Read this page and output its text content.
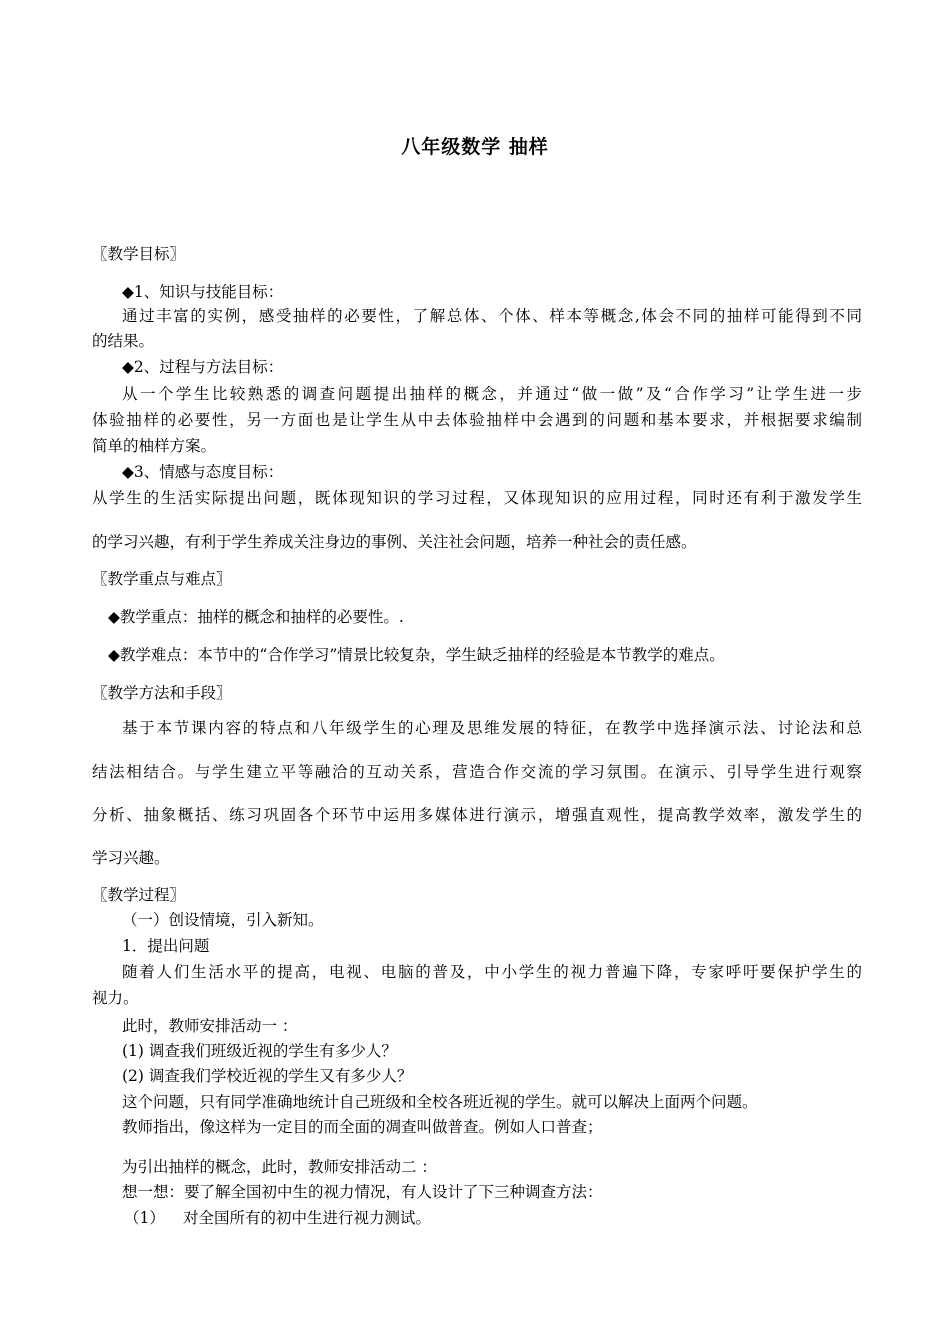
八年级数学 抽样
〖教学目标〗
◆1、知识与技能目标：
通过丰富的实例，感受抽样的必要性，了解总体、个体、样本等概念,体会不同的抽样可能得到不同
的结果。
◆2、过程与方法目标：
从一个学生比较熟悉的调查问题提出抽样的概念，并通过“做一做”及“合作学习”让学生进一步
体验抽样的必要性，另一方面也是让学生从中去体验抽样中会遇到的问题和基本要求，并根据要求编制
简单的柚样方案。
◆3、情感与态度目标：
从学生的生活实际提出问题，既体现知识的学习过程，又体现知识的应用过程，同时还有利于激发学生
的学习兴趣，有利于学生养成关注身边的事例、关注社会问题，培养一种社会的责任感。
〖教学重点与难点〗
◆教学重点：抽样的概念和抽样的必要性。.
◆教学难点：本节中的“合作学习”情景比较复杂，学生缺乏抽样的经验是本节教学的难点。
〖教学方法和手段〗
基于本节课内容的特点和八年级学生的心理及思维发展的特征，在教学中选择演示法、讨论法和总
结法相结合。与学生建立平等融洽的互动关系，营造合作交流的学习氛围。在演示、引导学生进行观察
分析、抽象概括、练习巩固各个环节中运用多媒体进行演示，增强直观性，提高教学效率，激发学生的
学习兴趣。
〖教学过程〗
（一）创设情境，引入新知。
1．提出问题
随着人们生活水平的提高，电视、电脑的普及，中小学生的视力普遍下降，专家呼吁要保护学生的
视力。
此时，教师安排活动一 ：
(1) 调查我们班级近视的学生有多少人？
(2) 调查我们学校近视的学生又有多少人？
这个问题，只有同学准确地统计自己班级和全校各班近视的学生。就可以解决上面两个问题。
教师指出，像这样为一定目的而全面的凋查叫做普查。例如人口普查；
为引出抽样的概念，此时，教师安排活动二 ：
想一想：要了解全国初中生的视力情况，有人设计了下三种调查方法：
（1）	对全国所有的初中生进行视力测试。
